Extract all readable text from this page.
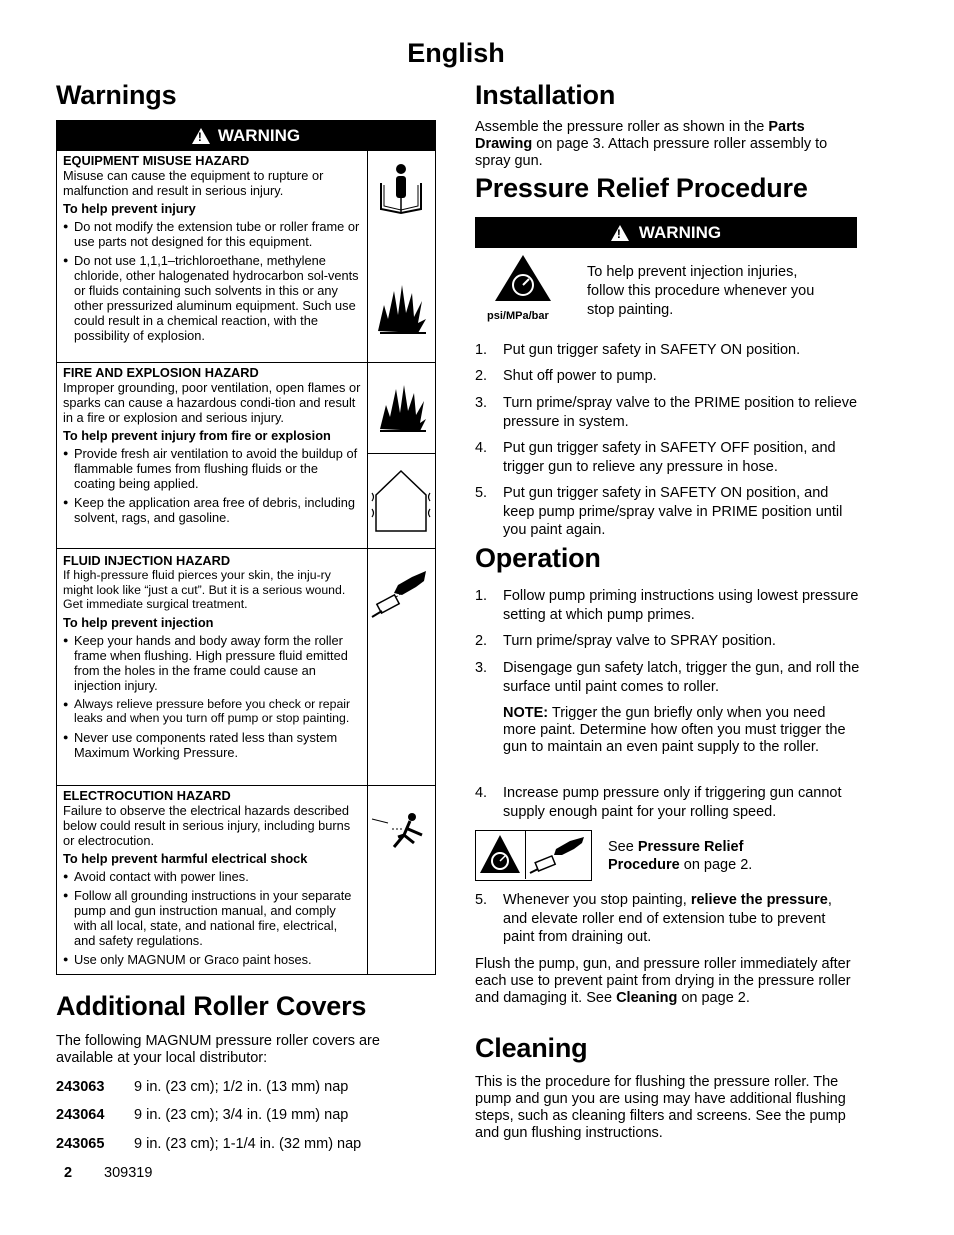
English
Warnings
!
WARNING
EQUIPMENT MISUSE HAZARD
Misuse can cause the equipment to rupture or malfunction and result in serious injury.
To help prevent injury
● Do not modify the extension tube or roller frame or use parts not designed for this equipment.
● Do not use 1,1,1–trichloroethane, methylene chloride, other halogenated hydrocarbon sol-vents or fluids containing such solvents in this or any other pressurized aluminum equipment. Such use could result in a chemical reaction, with the possibility of explosion.
FIRE AND EXPLOSION HAZARD
Improper grounding, poor ventilation, open flames or sparks can cause a hazardous condi-tion and result in a fire or explosion and serious injury.
To help prevent injury from fire or explosion
● Provide fresh air ventilation to avoid the buildup of flammable fumes from flushing fluids or the coating being applied.
● Keep the application area free of debris, including solvent, rags, and gasoline.
FLUID INJECTION HAZARD
If high-pressure fluid pierces your skin, the inju-ry might look like “just a cut”. But it is a serious wound. Get immediate surgical treatment.
To help prevent injection
● Keep your hands and body away form the roller frame when flushing. High pressure fluid emitted from the holes in the frame could cause an injection injury.
● Always relieve pressure before you check or repair leaks and when you turn off pump or stop painting.
● Never use components rated less than system Maximum Working Pressure.
ELECTROCUTION HAZARD
Failure to observe the electrical hazards described below could result in serious injury, including burns or electrocution.
To help prevent harmful electrical shock
● Avoid contact with power lines.
● Follow all grounding instructions in your separate pump and gun instruction manual, and comply with all local, state, and national fire, electrical, and safety regulations.
● Use only MAGNUM or Graco paint hoses.
Additional Roller Covers
The following MAGNUM pressure roller covers are available at your local distributor:
243063 9 in. (23 cm); 1/2 in. (13 mm) nap
243064 9 in. (23 cm); 3/4 in. (19 mm) nap
243065 9 in. (23 cm); 1-1/4 in. (32 mm) nap
2 309319
Installation
Assemble the pressure roller as shown in the Parts Drawing on page 3. Attach pressure roller assembly to spray gun.
Pressure Relief Procedure
!
WARNING
psi/MPa/bar
To help prevent injection injuries, follow this procedure whenever you stop painting.
1 . Put gun trigger safety in SAFETY ON position.
2 . Shut off power to pump.
3 . Turn prime/spray valve to the PRIME position to relieve pressure in system.
4 . Put gun trigger safety in SAFETY OFF position, and trigger gun to relieve any pressure in hose.
5 . Put gun trigger safety in SAFETY ON position, and keep pump prime/spray valve in PRIME position until you paint again.
Operation
1 . Follow pump priming instructions using lowest pressure setting at which pump primes.
2 . Turn prime/spray valve to SPRAY position.
3 . Disengage gun safety latch, trigger the gun, and roll the surface until paint comes to roller.
NOTE: Trigger the gun briefly only when you need more paint. Determine how often you must trigger the gun to maintain an even paint supply to the roller.
4 . Increase pump pressure only if triggering gun cannot supply enough paint for your rolling speed.
See Pressure Relief Procedure on page 2.
5 . Whenever you stop painting, relieve the pressure, and elevate roller end of extension tube to prevent paint from draining out.
Flush the pump, gun, and pressure roller immediately after each use to prevent paint from drying in the pressure roller and damaging it. See Cleaning on page 2.
Cleaning
This is the procedure for flushing the pressure roller. The pump and gun you are using may have additional flushing steps, such as cleaning filters and screens. See the pump and gun flushing instructions.
